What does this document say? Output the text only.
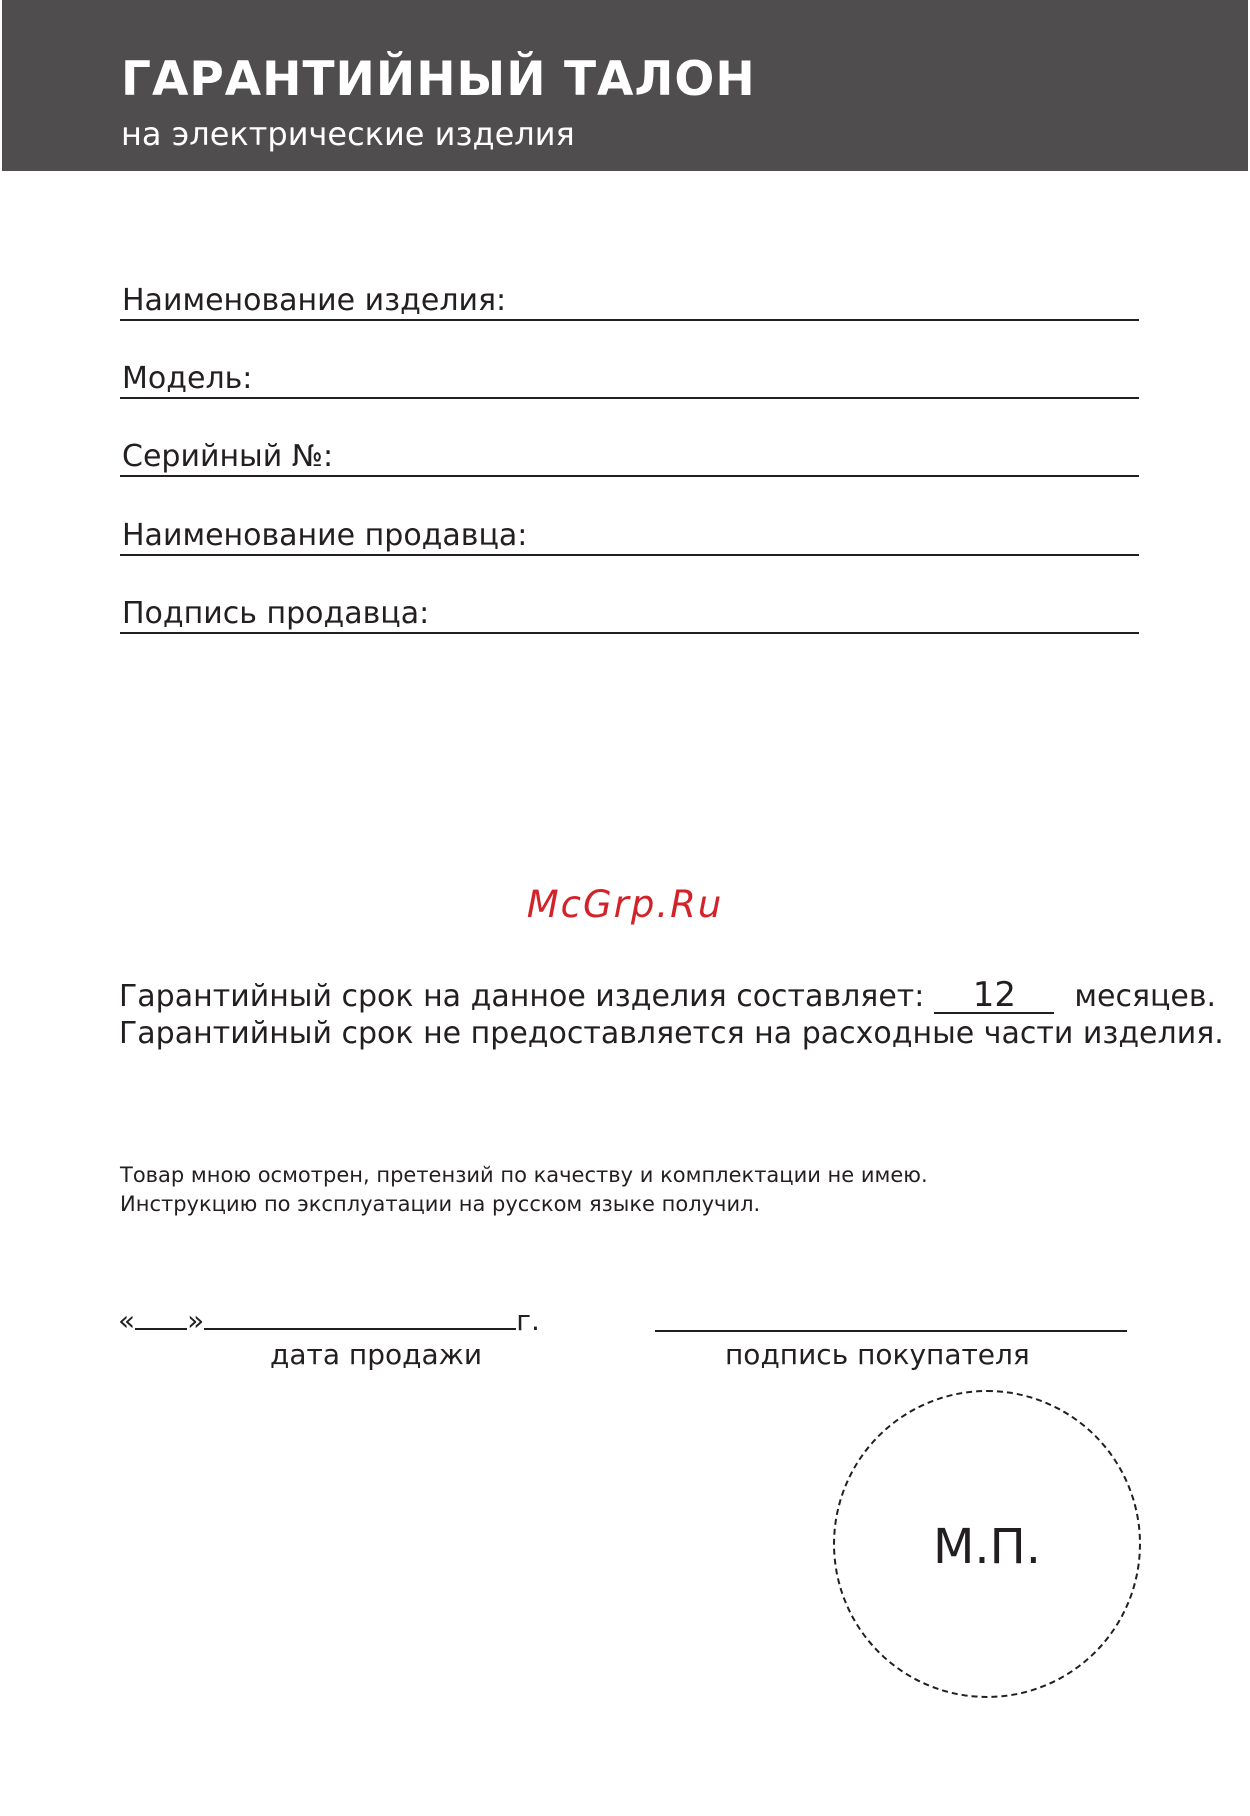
ГАРАНТИЙНЫЙ ТАЛОН
на электрические изделия
Наименование изделия:
Модель:
Серийный №:
Наименование продавца:
Подпись продавца:
McGrp.Ru
Гарантийный срок на данное изделия составляет: 12 месяцев.
Гарантийный срок не предоставляется на расходные части изделия.
Товар мною осмотрен, претензий по качеству и комплектации не имею.
Инструкцию по эксплуатации на русском языке получил.
« »	г.
дата продажи	подпись покупателя
М.П.
